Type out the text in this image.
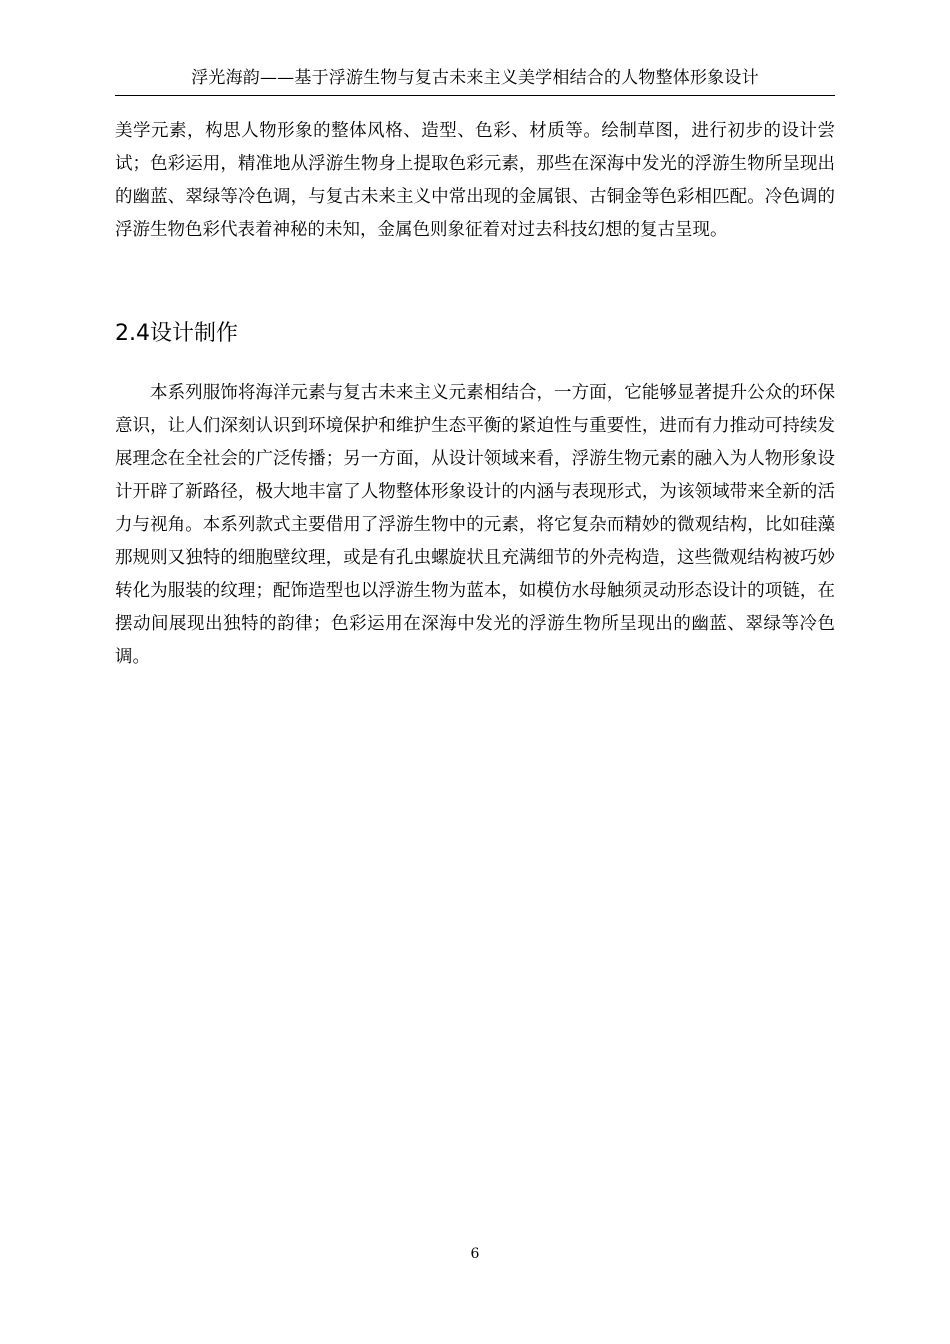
浮光海韵——基于浮游生物与复古未来主义美学相结合的人物整体形象设计

美学元素，构思人物形象的整体风格、造型、色彩、材质等。绘制草图，进行初步的设计尝试；色彩运用，精准地从浮游生物身上提取色彩元素，那些在深海中发光的浮游生物所呈现出的幽蓝、翠绿等冷色调，与复古未来主义中常出现的金属银、古铜金等色彩相匹配。冷色调的浮游生物色彩代表着神秘的未知，金属色则象征着对过去科技幻想的复古呈现。

2.4设计制作

本系列服饰将海洋元素与复古未来主义元素相结合，一方面，它能够显著提升公众的环保意识，让人们深刻认识到环境保护和维护生态平衡的紧迫性与重要性，进而有力推动可持续发展理念在全社会的广泛传播；另一方面，从设计领域来看，浮游生物元素的融入为人物形象设计开辟了新路径，极大地丰富了人物整体形象设计的内涵与表现形式，为该领域带来全新的活力与视角。本系列款式主要借用了浮游生物中的元素，将它复杂而精妙的微观结构，比如硅藻那规则又独特的细胞壁纹理，或是有孔虫螺旋状且充满细节的外壳构造，这些微观结构被巧妙转化为服装的纹理；配饰造型也以浮游生物为蓝本，如模仿水母触须灵动形态设计的项链，在摆动间展现出独特的韵律；色彩运用在深海中发光的浮游生物所呈现出的幽蓝、翠绿等冷色调。

6
